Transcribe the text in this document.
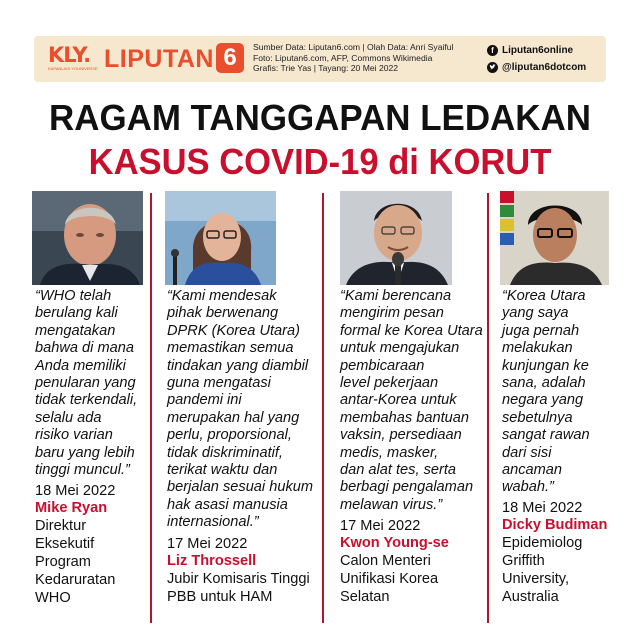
KLY.
KAPANLAGI YOUNIVERSE LIPUTAN 6	Sumber Data: Liputan6.com | Olah Data: Anri Syaiful
Foto: Liputan6.com, AFP, Commons Wikimedia
Grafis: Trie Yas | Tayang: 20 Mei 2022
f Liputan6online
@liputan6dotcom
RAGAM TANGGAPAN LEDAKAN
KASUS COVID-19 di KORUT
“WHO telah
berulang kali
mengatakan
bahwa di mana
Anda memiliki
penularan yang
tidak terkendali,
selalu ada
risiko varian
baru yang lebih
tinggi muncul.”
18 Mei 2022
Mike Ryan
Direktur
Eksekutif
Program
Kedaruratan
WHO
“Kami mendesak
pihak berwenang
DPRK (Korea Utara)
memastikan semua
tindakan yang diambil
guna mengatasi
pandemi ini
merupakan hal yang
perlu, proporsional,
tidak diskriminatif,
terikat waktu dan
berjalan sesuai hukum
hak asasi manusia
internasional.”
17 Mei 2022
Liz Throssell
Jubir Komisaris Tinggi
PBB untuk HAM
“Kami berencana
mengirim pesan
formal ke Korea Utara
untuk mengajukan
pembicaraan
level pekerjaan
antar-Korea untuk
membahas bantuan
vaksin, persediaan
medis, masker,
dan alat tes, serta
berbagi pengalaman
melawan virus.”
17 Mei 2022
Kwon Young-se
Calon Menteri
Unifikasi Korea
Selatan
“Korea Utara
yang saya
juga pernah
melakukan
kunjungan ke
sana, adalah
negara yang
sebetulnya
sangat rawan
dari sisi
ancaman
wabah.”
18 Mei 2022
Dicky Budiman
Epidemiolog
Griffith
University,
Australia
